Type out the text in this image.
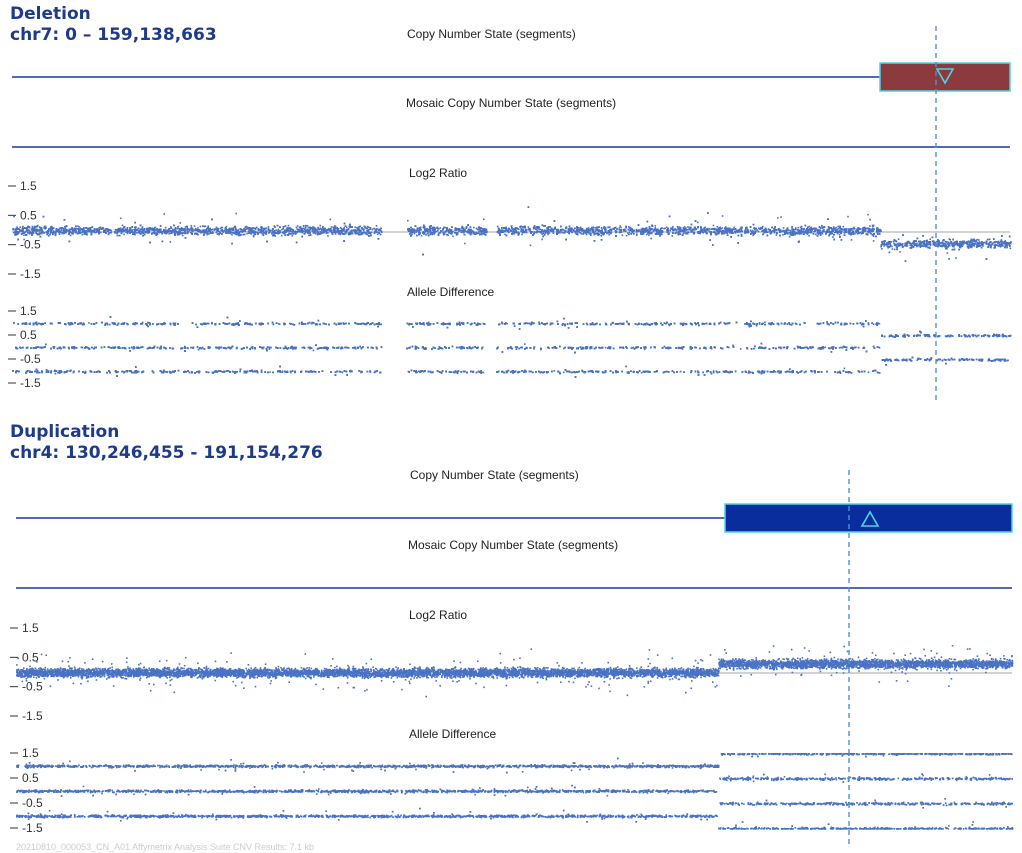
Deletion
chr7: 0 – 159,138,663	Copy Number State (segments)
Mosaic Copy Number State (segments)
Log2 Ratio
Allele Difference
Duplication
chr4: 130,246,455 - 191,154,276
Copy Number State (segments)
Mosaic Copy Number State (segments)
Log2 Ratio
Allele Difference
1.5
0.5
-0.5
-1.5
1.5
0.5
-0.5
-1.5
1.5
0.5
-0.5
-1.5
1.5
0.5
-0.5
-1.5
20210810_000053_CN_A01 Affymetrix Analysis Suite CNV Results: 7.1 kb
